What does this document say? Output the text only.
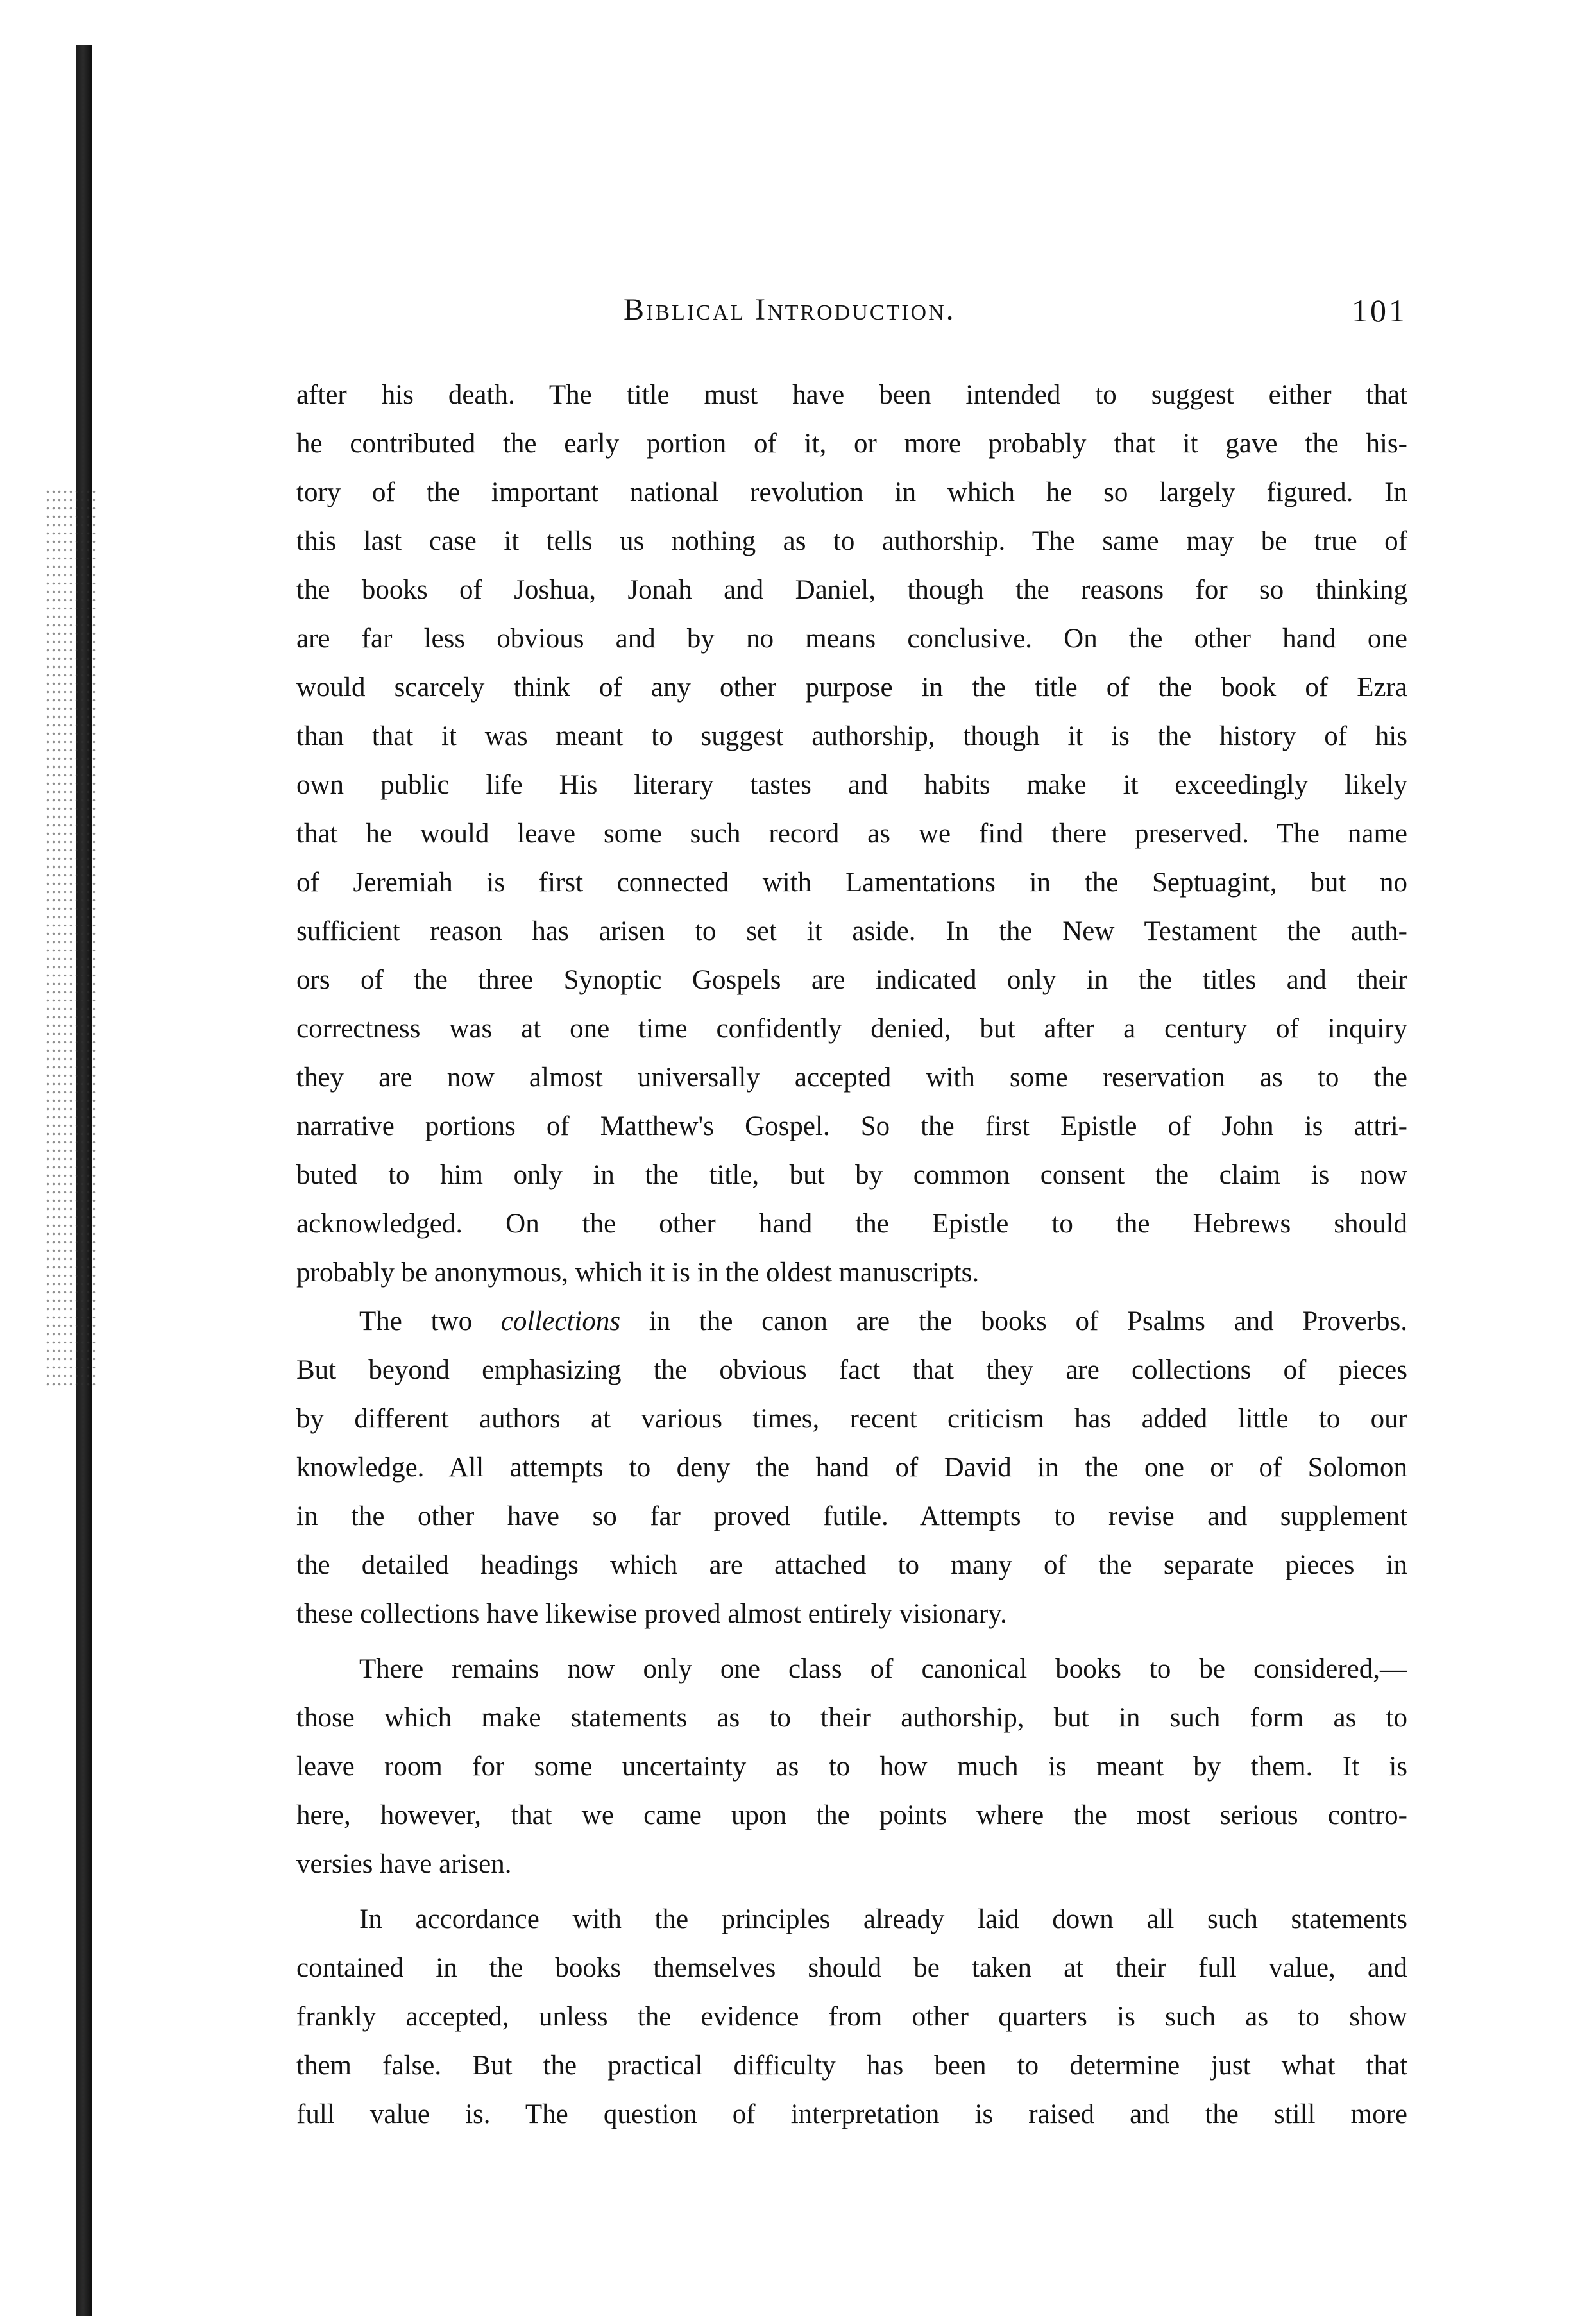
Biblical Introduction.	101
after his death. The title must have been intended to suggest either that
he contributed the early portion of it, or more probably that it gave the his-
tory of the important national revolution in which he so largely figured. In
this last case it tells us nothing as to authorship. The same may be true of
the books of Joshua, Jonah and Daniel, though the reasons for so thinking
are far less obvious and by no means conclusive. On the other hand one
would scarcely think of any other purpose in the title of the book of Ezra
than that it was meant to suggest authorship, though it is the history of his
own public life His literary tastes and habits make it exceedingly likely
that he would leave some such record as we find there preserved. The name
of Jeremiah is first connected with Lamentations in the Septuagint, but no
sufficient reason has arisen to set it aside. In the New Testament the auth-
ors of the three Synoptic Gospels are indicated only in the titles and their
correctness was at one time confidently denied, but after a century of inquiry
they are now almost universally accepted with some reservation as to the
narrative portions of Matthew's Gospel. So the first Epistle of John is attri-
buted to him only in the title, but by common consent the claim is now
acknowledged. On the other hand the Epistle to the Hebrews should
probably be anonymous, which it is in the oldest manuscripts.
The two collections in the canon are the books of Psalms and Proverbs.
But beyond emphasizing the obvious fact that they are collections of pieces
by different authors at various times, recent criticism has added little to our
knowledge. All attempts to deny the hand of David in the one or of Solomon
in the other have so far proved futile. Attempts to revise and supplement
the detailed headings which are attached to many of the separate pieces in
these collections have likewise proved almost entirely visionary.
There remains now only one class of canonical books to be considered,—
those which make statements as to their authorship, but in such form as to
leave room for some uncertainty as to how much is meant by them. It is
here, however, that we came upon the points where the most serious contro-
versies have arisen.
In accordance with the principles already laid down all such statements
contained in the books themselves should be taken at their full value, and
frankly accepted, unless the evidence from other quarters is such as to show
them false. But the practical difficulty has been to determine just what that
full value is. The question of interpretation is raised and the still more
